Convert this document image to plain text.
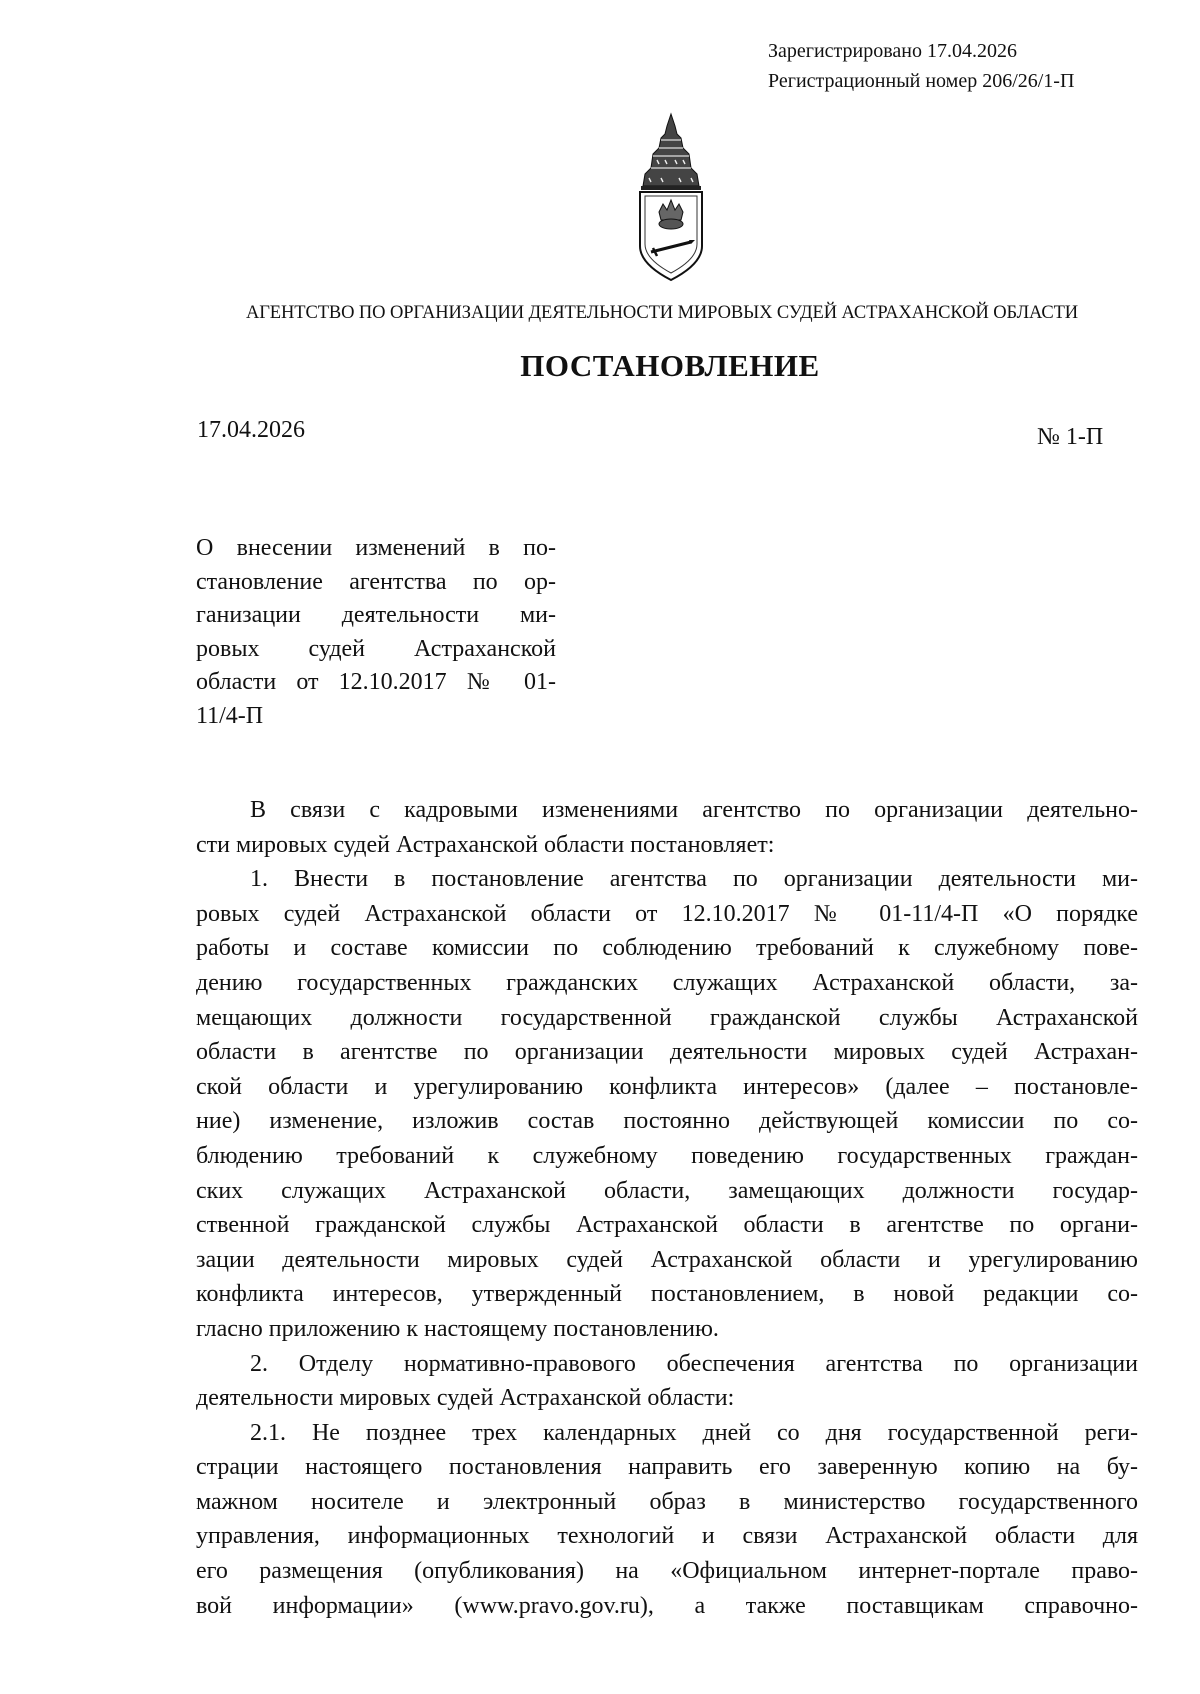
Зарегистрировано 17.04.2026
Регистрационный номер 206/26/1-П
АГЕНТСТВО ПО ОРГАНИЗАЦИИ ДЕЯТЕЛЬНОСТИ МИРОВЫХ СУДЕЙ АСТРАХАНСКОЙ ОБЛАСТИ
ПОСТАНОВЛЕНИЕ
17.04.2026	№ 1-П
О внесении изменений в по-
становление агентства по ор-
ганизации деятельности ми-
ровых судей Астраханской
области от 12.10.2017 № 01-
11/4-П
В связи с кадровыми изменениями агентство по организации деятельно-
сти мировых судей Астраханской области постановляет:
1. Внести в постановление агентства по организации деятельности ми-
ровых судей Астраханской области от 12.10.2017 № 01-11/4-П «О порядке
работы и составе комиссии по соблюдению требований к служебному пове-
дению государственных гражданских служащих Астраханской области, за-
мещающих должности государственной гражданской службы Астраханской
области в агентстве по организации деятельности мировых судей Астрахан-
ской области и урегулированию конфликта интересов» (далее – постановле-
ние) изменение, изложив состав постоянно действующей комиссии по со-
блюдению требований к служебному поведению государственных граждан-
ских служащих Астраханской области, замещающих должности государ-
ственной гражданской службы Астраханской области в агентстве по органи-
зации деятельности мировых судей Астраханской области и урегулированию
конфликта интересов, утвержденный постановлением, в новой редакции со-
гласно приложению к настоящему постановлению.
2. Отделу нормативно-правового обеспечения агентства по организации
деятельности мировых судей Астраханской области:
2.1. Не позднее трех календарных дней со дня государственной реги-
страции настоящего постановления направить его заверенную копию на бу-
мажном носителе и электронный образ в министерство государственного
управления, информационных технологий и связи Астраханской области для
его размещения (опубликования) на «Официальном интернет-портале право-
вой информации» (www.pravo.gov.ru), а также поставщикам справочно-
